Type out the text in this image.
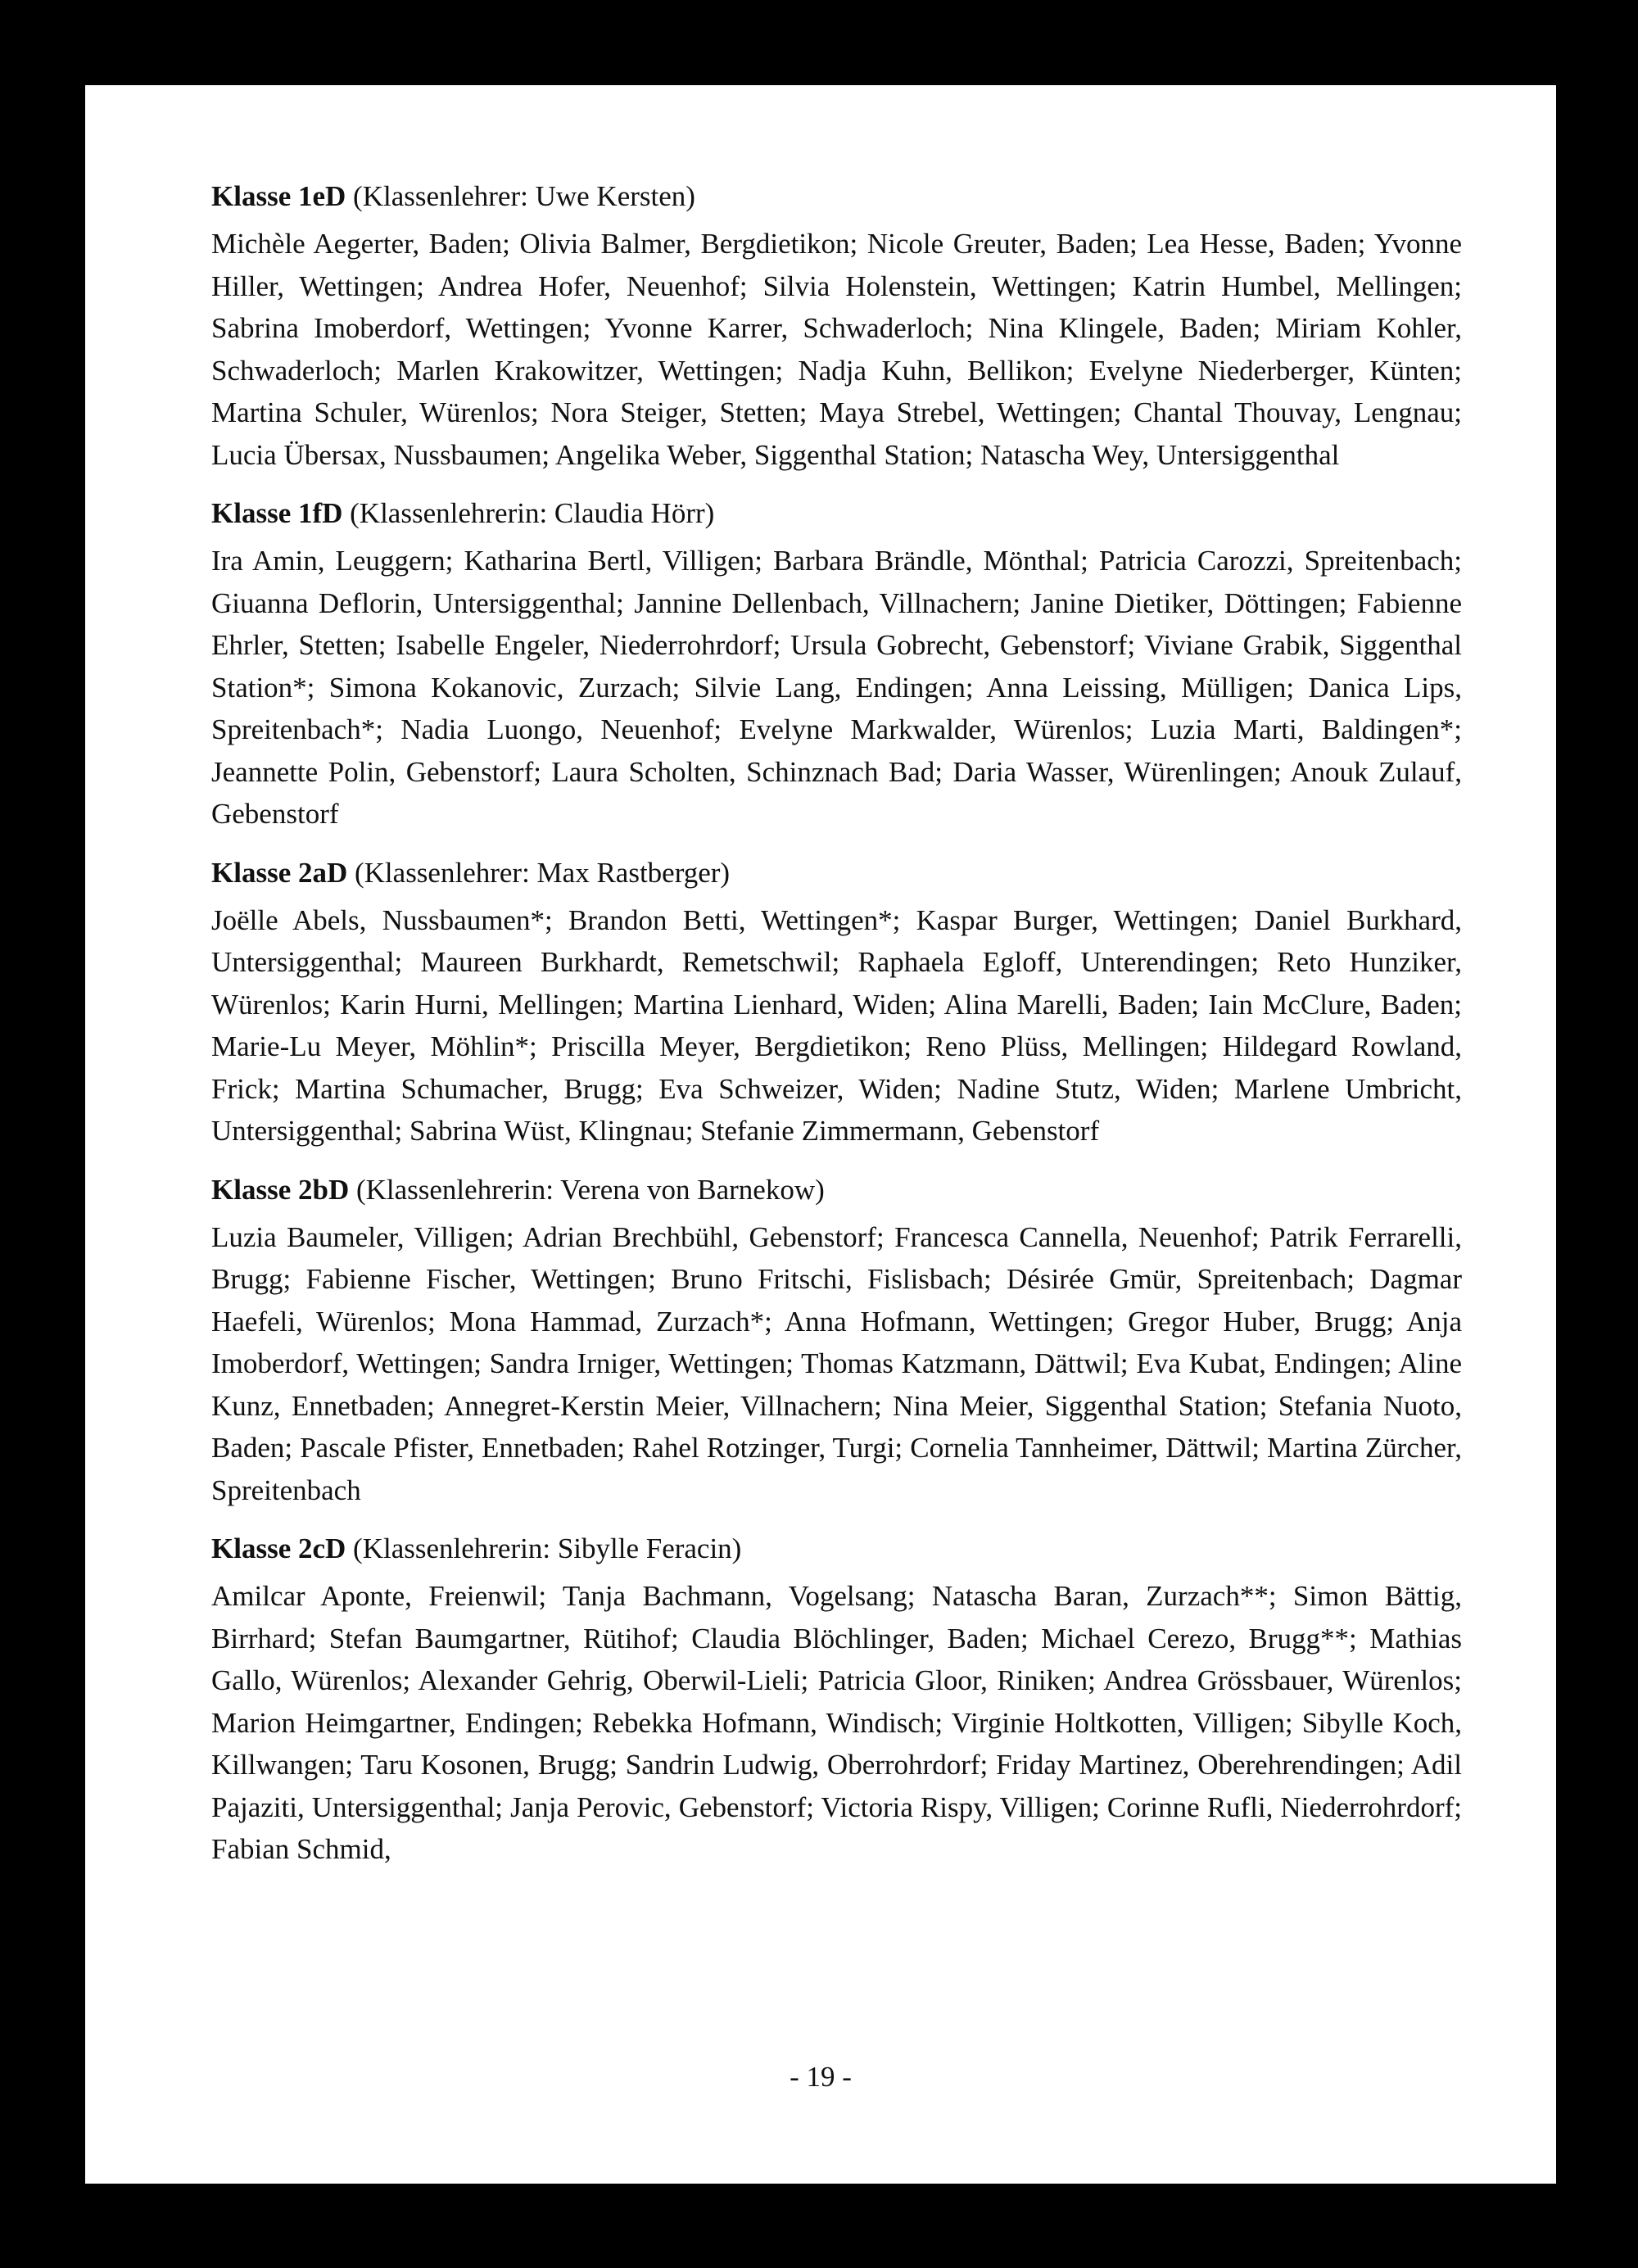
Klasse 1eD (Klassenlehrer: Uwe Kersten)

Michèle Aegerter, Baden; Olivia Balmer, Bergdietikon; Nicole Greuter, Baden; Lea Hesse, Baden; Yvonne Hiller, Wettingen; Andrea Hofer, Neuenhof; Silvia Holenstein, Wettingen; Katrin Humbel, Mellingen; Sabrina Imoberdorf, Wettingen; Yvonne Karrer, Schwaderloch; Nina Klingele, Baden; Miriam Kohler, Schwaderloch; Marlen Krakowitzer, Wettingen; Nadja Kuhn, Bellikon; Evelyne Niederberger, Künten; Martina Schuler, Würenlos; Nora Steiger, Stetten; Maya Strebel, Wettingen; Chantal Thouvay, Lengnau; Lucia Übersax, Nussbaumen; Angelika Weber, Siggenthal Station; Natascha Wey, Untersiggenthal

Klasse 1fD (Klassenlehrerin: Claudia Hörr)

Ira Amin, Leuggern; Katharina Bertl, Villigen; Barbara Brändle, Mönthal; Patricia Carozzi, Spreitenbach; Giuanna Deflorin, Untersiggenthal; Jannine Dellenbach, Villnachern; Janine Dietiker, Döttingen; Fabienne Ehrler, Stetten; Isabelle Engeler, Niederrohrdorf; Ursula Gobrecht, Gebenstorf; Viviane Grabik, Siggenthal Station*; Simona Kokanovic, Zurzach; Silvie Lang, Endingen; Anna Leissing, Mülligen; Danica Lips, Spreitenbach*; Nadia Luongo, Neuenhof; Evelyne Markwalder, Würenlos; Luzia Marti, Baldingen*; Jeannette Polin, Gebenstorf; Laura Scholten, Schinznach Bad; Daria Wasser, Würenlingen; Anouk Zulauf, Gebenstorf

Klasse 2aD (Klassenlehrer: Max Rastberger)

Joëlle Abels, Nussbaumen*; Brandon Betti, Wettingen*; Kaspar Burger, Wettingen; Daniel Burkhard, Untersiggenthal; Maureen Burkhardt, Remetschwil; Raphaela Egloff, Unterendingen; Reto Hunziker, Würenlos; Karin Hurni, Mellingen; Martina Lienhard, Widen; Alina Marelli, Baden; Iain McClure, Baden; Marie-Lu Meyer, Möhlin*; Priscilla Meyer, Bergdietikon; Reno Plüss, Mellingen; Hildegard Rowland, Frick; Martina Schumacher, Brugg; Eva Schweizer, Widen; Nadine Stutz, Widen; Marlene Umbricht, Untersiggenthal; Sabrina Wüst, Klingnau; Stefanie Zimmermann, Gebenstorf

Klasse 2bD (Klassenlehrerin: Verena von Barnekow)

Luzia Baumeler, Villigen; Adrian Brechbühl, Gebenstorf; Francesca Cannella, Neuenhof; Patrik Ferrarelli, Brugg; Fabienne Fischer, Wettingen; Bruno Fritschi, Fislisbach; Désirée Gmür, Spreitenbach; Dagmar Haefeli, Würenlos; Mona Hammad, Zurzach*; Anna Hofmann, Wettingen; Gregor Huber, Brugg; Anja Imoberdorf, Wettingen; Sandra Irniger, Wettingen; Thomas Katzmann, Dättwil; Eva Kubat, Endingen; Aline Kunz, Ennetbaden; Annegret-Kerstin Meier, Villnachern; Nina Meier, Siggenthal Station; Stefania Nuoto, Baden; Pascale Pfister, Ennetbaden; Rahel Rotzinger, Turgi; Cornelia Tannheimer, Dättwil; Martina Zürcher, Spreitenbach

Klasse 2cD (Klassenlehrerin: Sibylle Feracin)

Amilcar Aponte, Freienwil; Tanja Bachmann, Vogelsang; Natascha Baran, Zurzach**; Simon Bättig, Birrhard; Stefan Baumgartner, Rütihof; Claudia Blöchlinger, Baden; Michael Cerezo, Brugg**; Mathias Gallo, Würenlos; Alexander Gehrig, Oberwil-Lieli; Patricia Gloor, Riniken; Andrea Grössbauer, Würenlos; Marion Heimgartner, Endingen; Rebekka Hofmann, Windisch; Virginie Holtkotten, Villigen; Sibylle Koch, Killwangen; Taru Kosonen, Brugg; Sandrin Ludwig, Oberrohrdorf; Friday Martinez, Oberehrendingen; Adil Pajaziti, Untersiggenthal; Janja Perovic, Gebenstorf; Victoria Rispy, Villigen; Corinne Rufli, Niederrohrdorf; Fabian Schmid,

- 19 -
